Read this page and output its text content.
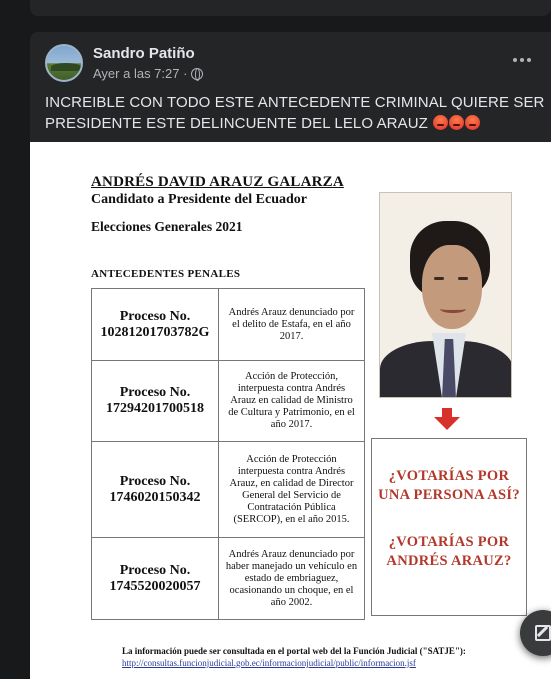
Sandro Patiño
Ayer a las 7:27 ·
INCREIBLE CON TODO ESTE ANTECEDENTE CRIMINAL QUIERE SER PRESIDENTE ESTE DELINCUENTE DEL LELO ARAUZ
ANDRÉS DAVID ARAUZ GALARZA
Candidato a Presidente del Ecuador
Elecciones Generales 2021
ANTECEDENTES PENALES
Proceso No.
10281201703782G	Andrés Arauz denunciado por el delito de Estafa, en el año 2017.
Proceso No.
17294201700518	Acción de Protección, interpuesta contra Andrés Arauz en calidad de Ministro de Cultura y Patrimonio, en el año 2017.
Proceso No.
1746020150342	Acción de Protección interpuesta contra Andrés Arauz, en calidad de Director General del Servicio de Contratación Pública (SERCOP), en el año 2015.
Proceso No.
1745520020057	Andrés Arauz denunciado por haber manejado un vehículo en estado de embriaguez, ocasionando un choque, en el año 2002.
¿VOTARÍAS POR UNA PERSONA ASÍ?
¿VOTARÍAS POR ANDRÉS ARAUZ?
La información puede ser consultada en el portal web del la Función Judicial ("SATJE"):
http://consultas.funcionjudicial.gob.ec/informacionjudicial/public/informacion.jsf
